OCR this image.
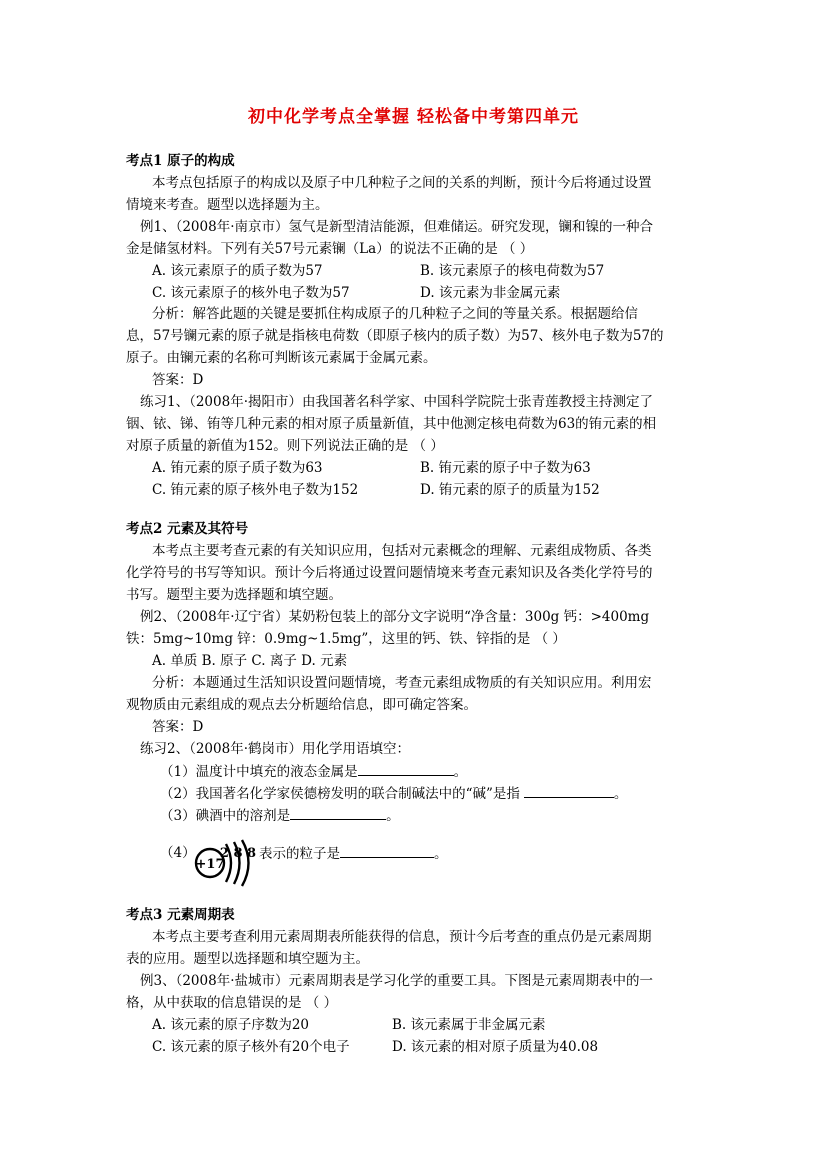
初中化学考点全掌握 轻松备中考第四单元
考点1 原子的构成
本考点包括原子的构成以及原子中几种粒子之间的关系的判断，预计今后将通过设置
情境来考查。题型以选择题为主。
例1、（2008年·南京市）氢气是新型清洁能源，但难储运。研究发现，镧和镍的一种合
金是储氢材料。下列有关57号元素镧（La）的说法不正确的是 （ ）
A. 该元素原子的质子数为57	B. 该元素原子的核电荷数为57
C. 该元素原子的核外电子数为57	D. 该元素为非金属元素
分析：解答此题的关键是要抓住构成原子的几种粒子之间的等量关系。根据题给信
息，57号镧元素的原子就是指核电荷数（即原子核内的质子数）为57、核外电子数为57的
原子。由镧元素的名称可判断该元素属于金属元素。
答案：D
练习1、（2008年·揭阳市）由我国著名科学家、中国科学院院士张青莲教授主持测定了
铟、铱、锑、铕等几种元素的相对原子质量新值，其中他测定核电荷数为63的铕元素的相
对原子质量的新值为152。则下列说法正确的是 （ ）
A. 铕元素的原子质子数为63	B. 铕元素的原子中子数为63
C. 铕元素的原子核外电子数为152	D. 铕元素的原子的质量为152
考点2 元素及其符号
本考点主要考查元素的有关知识应用，包括对元素概念的理解、元素组成物质、各类
化学符号的书写等知识。预计今后将通过设置问题情境来考查元素知识及各类化学符号的
书写。题型主要为选择题和填空题。
例2、（2008年·辽宁省）某奶粉包装上的部分文字说明“净含量：300g 钙：>400mg
铁：5mg~10mg 锌：0.9mg~1.5mg”，这里的钙、铁、锌指的是 （ ）
A. 单质 B. 原子 C. 离子 D. 元素
分析：本题通过生活知识设置问题情境，考查元素组成物质的有关知识应用。利用宏
观物质由元素组成的观点去分析题给信息，即可确定答案。
答案：D
练习2、（2008年·鹤岗市）用化学用语填空：
（1）温度计中填充的液态金属是	。
（2）我国著名化学家侯德榜发明的联合制碱法中的“碱”是指	。
（3）碘酒中的溶剂是	。
（4）
+17
2 8 8 表示的粒子是	。
考点3 元素周期表
本考点主要考查利用元素周期表所能获得的信息，预计今后考查的重点仍是元素周期
表的应用。题型以选择题和填空题为主。
例3、（2008年·盐城市）元素周期表是学习化学的重要工具。下图是元素周期表中的一
格，从中获取的信息错误的是 （ ）
A. 该元素的原子序数为20	B. 该元素属于非金属元素
C. 该元素的原子核外有20个电子	D. 该元素的相对原子质量为40.08
